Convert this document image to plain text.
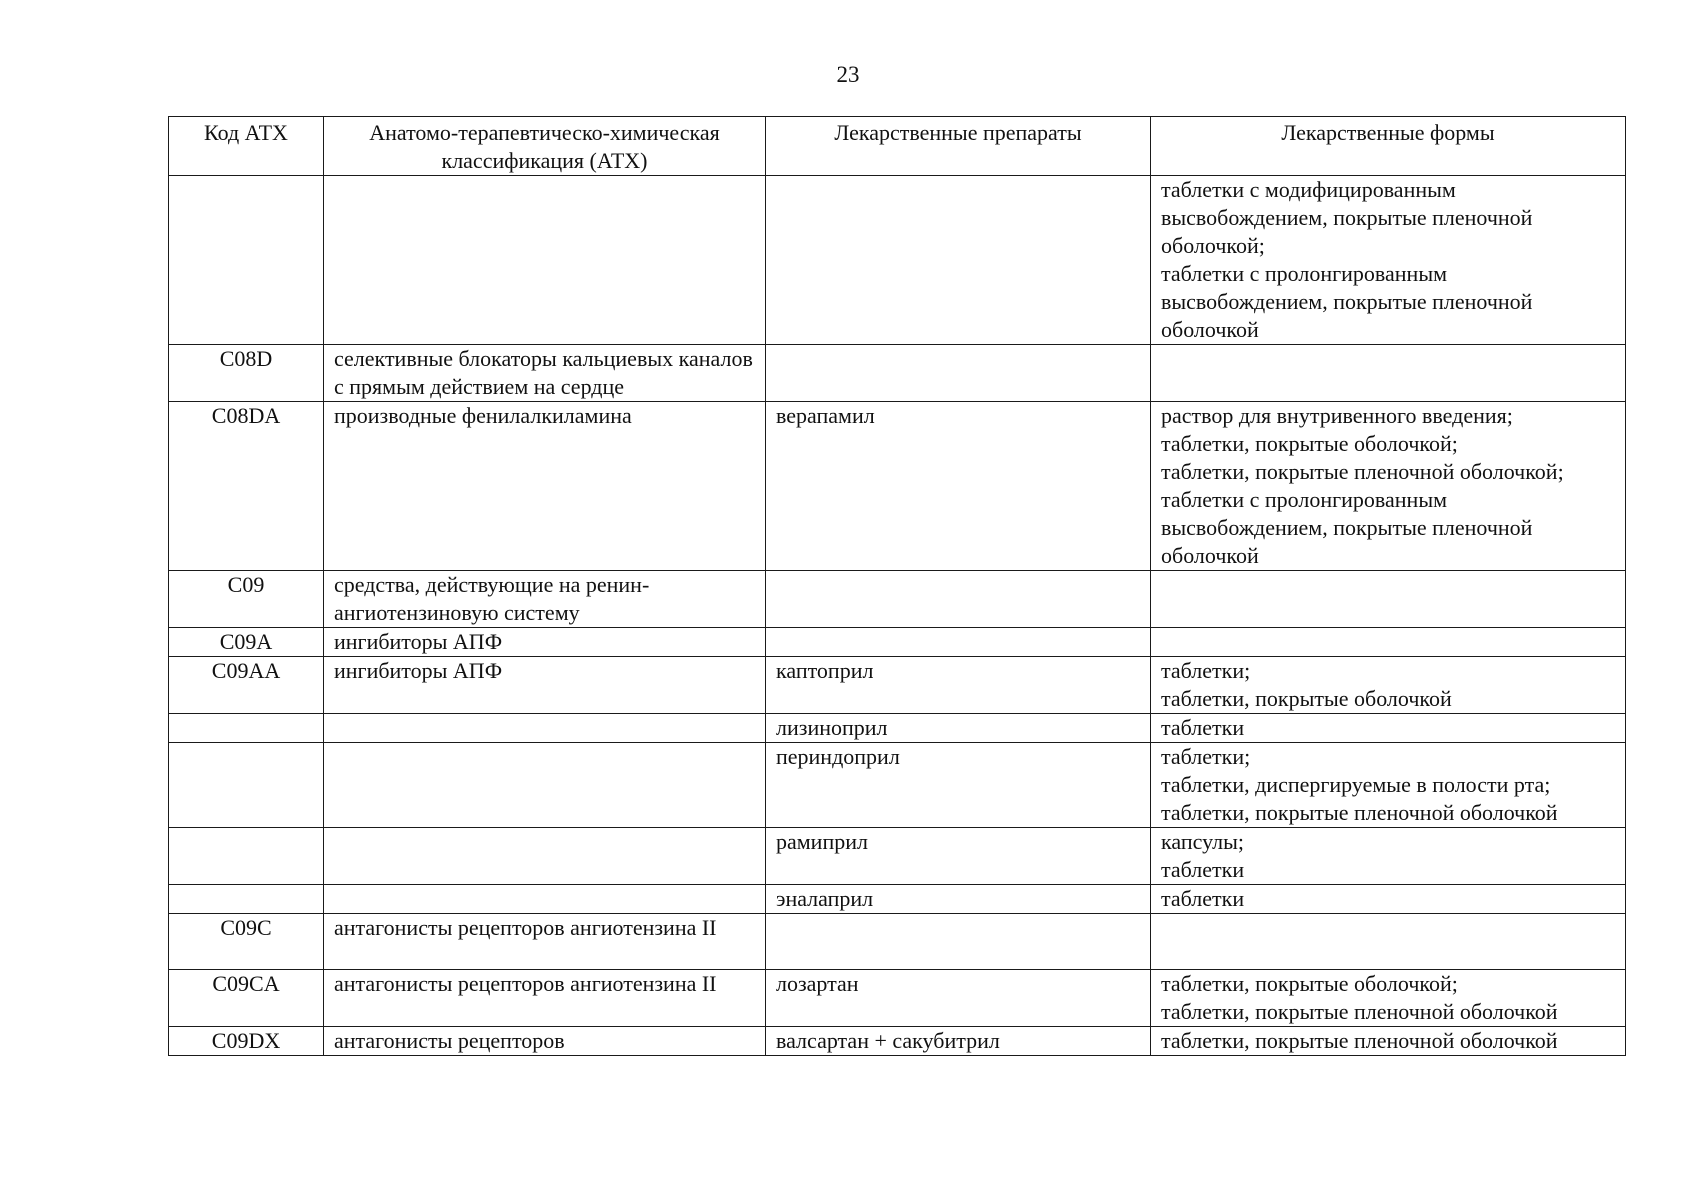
23
Код АТХ	Анатомо-терапевтическо-химическая классификация (АТХ)	Лекарственные препараты	Лекарственные формы

			таблетки с модифицированным высвобождением, покрытые пленочной оболочкой;
таблетки с пролонгированным высвобождением, покрытые пленочной оболочкой

C08D	селективные блокаторы кальциевых каналов с прямым действием на сердце		
C08DA	производные фенилалкиламина	верапамил	раствор для внутривенного введения;
таблетки, покрытые оболочкой;
таблетки, покрытые пленочной оболочкой;
таблетки с пролонгированным высвобождением, покрытые пленочной оболочкой

C09	средства, действующие на ренин-ангиотензиновую систему		
C09A	ингибиторы АПФ		
C09AA	ингибиторы АПФ	каптоприл	таблетки;
таблетки, покрытые оболочкой

		лизиноприл	таблетки

		периндоприл	таблетки;
таблетки, диспергируемые в полости рта;
таблетки, покрытые пленочной оболочкой

		рамиприл	капсулы;
таблетки

		эналаприл	таблетки

C09C	антагонисты рецепторов ангиотензина II		
C09CA	антагонисты рецепторов ангиотензина II	лозартан	таблетки, покрытые оболочкой;
таблетки, покрытые пленочной оболочкой

C09DX	антагонисты рецепторов	валсартан + сакубитрил	таблетки, покрытые пленочной оболочкой
